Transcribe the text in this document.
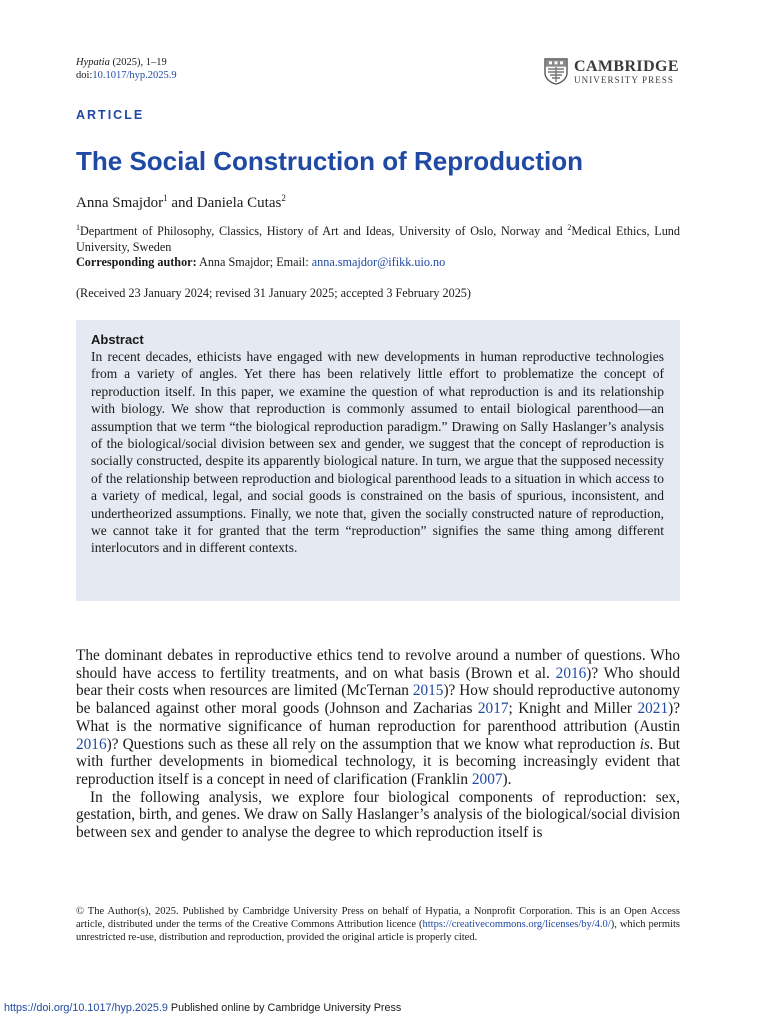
Hypatia (2025), 1–19
doi:10.1017/hyp.2025.9
CAMBRIDGE
UNIVERSITY PRESS
ARTICLE
The Social Construction of Reproduction
Anna Smajdor$^1$ and Daniela Cutas$^2$
$^1$Department of Philosophy, Classics, History of Art and Ideas, University of Oslo, Norway and $^2$Medical Ethics, Lund University, Sweden
Corresponding author: Anna Smajdor; Email: anna.smajdor@ifikk.uio.no
(Received 23 January 2024; revised 31 January 2025; accepted 3 February 2025)
Abstract

In recent decades, ethicists have engaged with new developments in human reproductive technologies from a variety of angles. Yet there has been relatively little effort to problematize the concept of reproduction itself. In this paper, we examine the question of what reproduction is and its relationship with biology. We show that reproduction is commonly assumed to entail biological parenthood—an assumption that we term “the biological reproduction paradigm.” Drawing on Sally Haslanger’s analysis of the biological/social division between sex and gender, we suggest that the concept of reproduction is socially constructed, despite its apparently biological nature. In turn, we argue that the supposed necessity of the relationship between reproduction and biological parenthood leads to a situation in which access to a variety of medical, legal, and social goods is constrained on the basis of spurious, inconsistent, and undertheorized assumptions. Finally, we note that, given the socially constructed nature of reproduction, we cannot take it for granted that the term “reproduction” signifies the same thing among different interlocutors and in different contexts.

The dominant debates in reproductive ethics tend to revolve around a number of questions. Who should have access to fertility treatments, and on what basis (Brown et al. 2016)? Who should bear their costs when resources are limited (McTernan 2015)? How should reproductive autonomy be balanced against other moral goods (Johnson and Zacharias 2017; Knight and Miller 2021)? What is the normative significance of human reproduction for parenthood attribution (Austin 2016)? Questions such as these all rely on the assumption that we know what reproduction is. But with further developments in biomedical technology, it is becoming increasingly evident that reproduction itself is a concept in need of clarification (Franklin 2007).

In the following analysis, we explore four biological components of reproduction: sex, gestation, birth, and genes. We draw on Sally Haslanger’s analysis of the biological/social division between sex and gender to analyse the degree to which reproduction itself is

© The Author(s), 2025. Published by Cambridge University Press on behalf of Hypatia, a Nonprofit Corporation. This is an Open Access article, distributed under the terms of the Creative Commons Attribution licence (https://creativecommons.org/licenses/by/4.0/), which permits unrestricted re-use, distribution and reproduction, provided the original article is properly cited.
https://doi.org/10.1017/hyp.2025.9 Published online by Cambridge University Press
